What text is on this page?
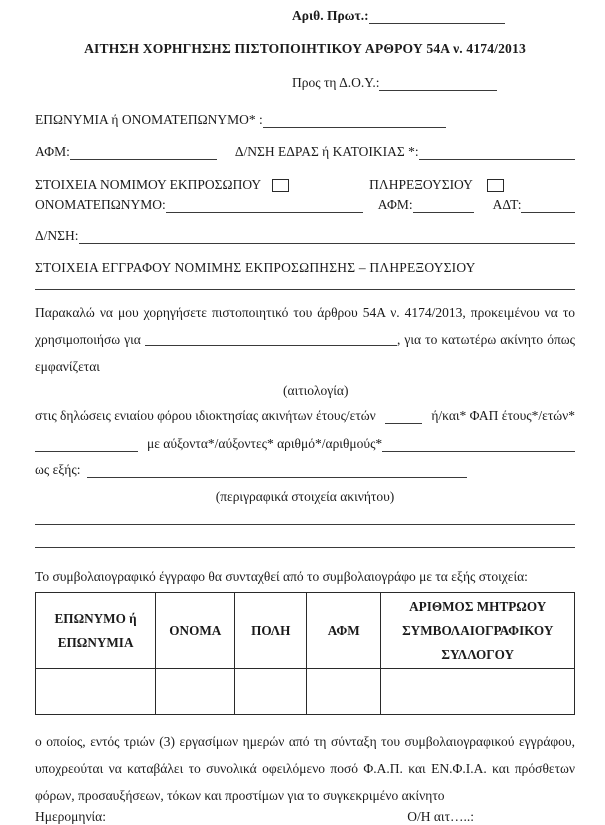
Αριθ. Πρωτ.:
ΑΙΤΗΣΗ ΧΟΡΗΓΗΣΗΣ ΠΙΣΤΟΠΟΙΗΤΙΚΟΥ ΑΡΘΡΟΥ 54Α ν. 4174/2013
Προς τη Δ.Ο.Υ.:
ΕΠΩΝΥΜΙΑ ή ΟΝΟΜΑΤΕΠΩΝΥΜΟ* :
ΑΦΜ:	Δ/ΝΣΗ ΕΔΡΑΣ ή ΚΑΤΟΙΚΙΑΣ *:
ΣΤΟΙΧΕΙΑ ΝΟΜΙΜΟΥ ΕΚΠΡΟΣΩΠΟΥ	ΠΛΗΡΕΞΟΥΣΙΟΥ
ΟΝΟΜΑΤΕΠΩΝΥΜΟ:	ΑΦΜ:	ΑΔΤ:
Δ/ΝΣΗ:
ΣΤΟΙΧΕΙΑ ΕΓΓΡΑΦΟΥ ΝΟΜΙΜΗΣ ΕΚΠΡΟΣΩΠΗΣΗΣ – ΠΛΗΡΕΞΟΥΣΙΟΥ

Παρακαλώ να μου χορηγήσετε πιστοποιητικό του άρθρου 54Α ν. 4174/2013, προκειμένου να το χρησιμοποιήσω για	, για το κατωτέρω ακίνητο όπως εμφανίζεται

(αιτιολογία)
στις δηλώσεις ενιαίου φόρου ιδιοκτησίας ακινήτων έτους/ετών	ή/και* ΦΑΠ έτους*/ετών*
με αύξοντα*/αύξοντες* αριθμό*/αριθμούς*
ως εξής:
(περιγραφικά στοιχεία ακινήτου)
Το συμβολαιογραφικό έγγραφο θα συνταχθεί από το συμβολαιογράφο με τα εξής στοιχεία:
ΕΠΩΝΥΜΟ ή ΕΠΩΝΥΜΙΑ	ΟΝΟΜΑ	ΠΟΛΗ	ΑΦΜ	ΑΡΙΘΜΟΣ ΜΗΤΡΩΟΥ ΣΥΜΒΟΛΑΙΟΓΡΑΦΙΚΟΥ ΣΥΛΛΟΓΟΥ

ο οποίος, εντός τριών (3) εργασίμων ημερών από τη σύνταξη του συμβολαιογραφικού εγγράφου, υποχρεούται να καταβάλει το συνολικά οφειλόμενο ποσό Φ.Α.Π. και ΕΝ.Φ.Ι.Α. και πρόσθετων φόρων, προσαυξήσεων, τόκων και προστίμων για το συγκεκριμένο ακίνητο

Ημερομηνία:	Ο/Η αιτ…..:
